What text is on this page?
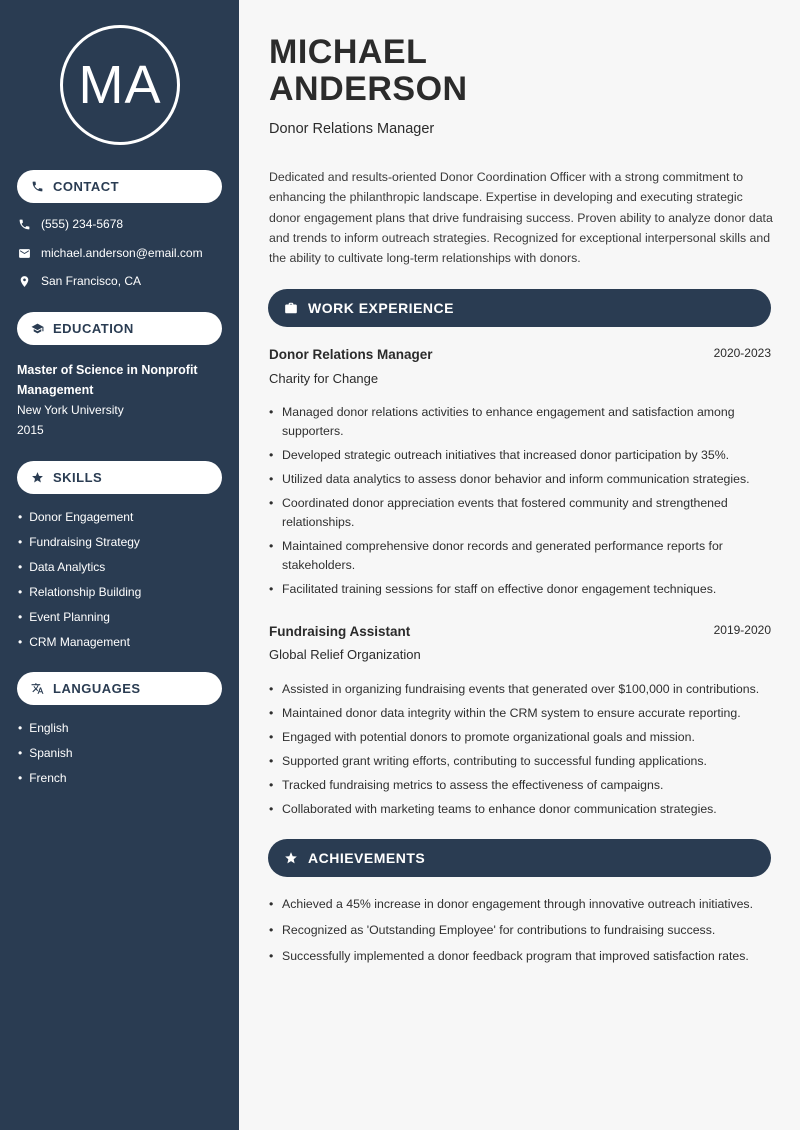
MA
CONTACT
(555) 234-5678
michael.anderson@email.com
San Francisco, CA
EDUCATION
Master of Science in Nonprofit Management
New York University
2015
SKILLS
• Donor Engagement
• Fundraising Strategy
• Data Analytics
• Relationship Building
• Event Planning
• CRM Management
LANGUAGES
• English
• Spanish
• French
MICHAEL
ANDERSON
Donor Relations Manager

Dedicated and results-oriented Donor Coordination Officer with a strong commitment to enhancing the philanthropic landscape. Expertise in developing and executing strategic donor engagement plans that drive fundraising success. Proven ability to analyze donor data and trends to inform outreach strategies. Recognized for exceptional interpersonal skills and the ability to cultivate long-term relationships with donors.

WORK EXPERIENCE
Donor Relations Manager	2020-2023
Charity for Change
• Managed donor relations activities to enhance engagement and satisfaction among supporters.
• Developed strategic outreach initiatives that increased donor participation by 35%.
• Utilized data analytics to assess donor behavior and inform communication strategies.
• Coordinated donor appreciation events that fostered community and strengthened relationships.
• Maintained comprehensive donor records and generated performance reports for stakeholders.
• Facilitated training sessions for staff on effective donor engagement techniques.
Fundraising Assistant	2019-2020
Global Relief Organization
• Assisted in organizing fundraising events that generated over $100,000 in contributions.
• Maintained donor data integrity within the CRM system to ensure accurate reporting.
• Engaged with potential donors to promote organizational goals and mission.
• Supported grant writing efforts, contributing to successful funding applications.
• Tracked fundraising metrics to assess the effectiveness of campaigns.
• Collaborated with marketing teams to enhance donor communication strategies.
ACHIEVEMENTS
• Achieved a 45% increase in donor engagement through innovative outreach initiatives.
• Recognized as 'Outstanding Employee' for contributions to fundraising success.
• Successfully implemented a donor feedback program that improved satisfaction rates.
